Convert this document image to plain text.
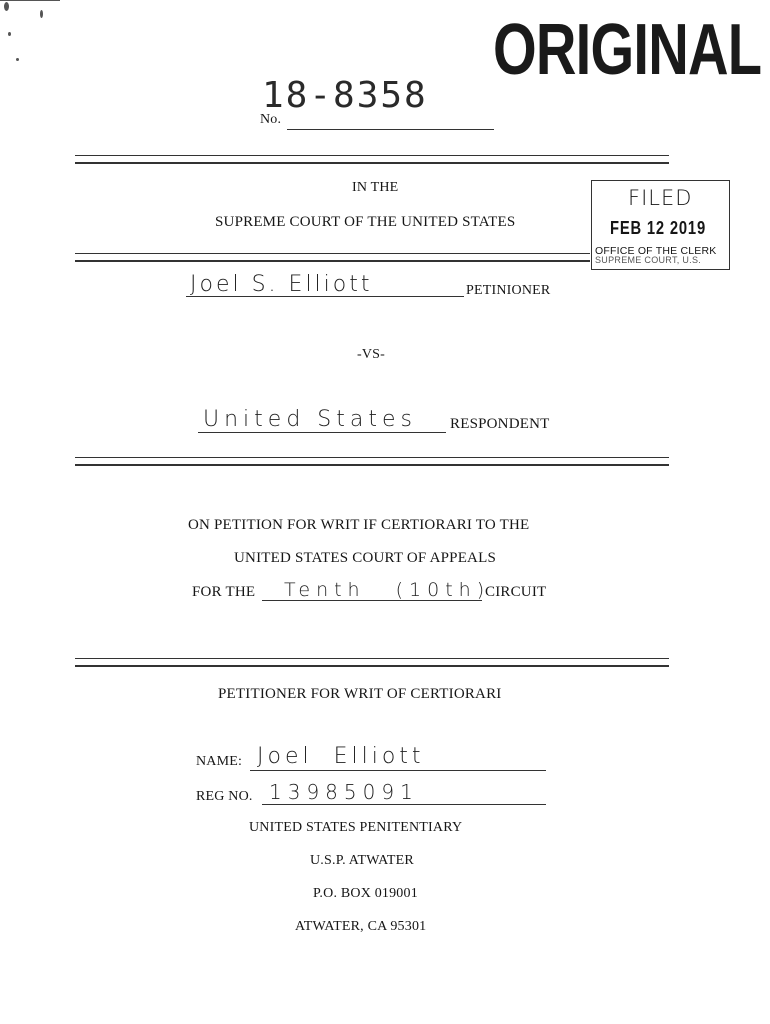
ORIGINAL
18-8358
No.
IN THE
SUPREME COURT OF THE UNITED STATES
FILED
FEB 12 2019
OFFICE OF THE CLERK
SUPREME COURT, U.S.
Joel S. Elliott	PETINIONER
-VS-
United States RESPONDENT
ON PETITION FOR WRIT IF CERTIORARI TO THE
UNITED STATES COURT OF APPEALS
FOR THE Tenth (10th)
CIRCUIT
PETITIONER FOR WRIT OF CERTIORARI
NAME: Joel Elliott
REG NO. 13985091
UNITED STATES PENITENTIARY
U.S.P. ATWATER
P.O. BOX 019001
ATWATER, CA 95301
